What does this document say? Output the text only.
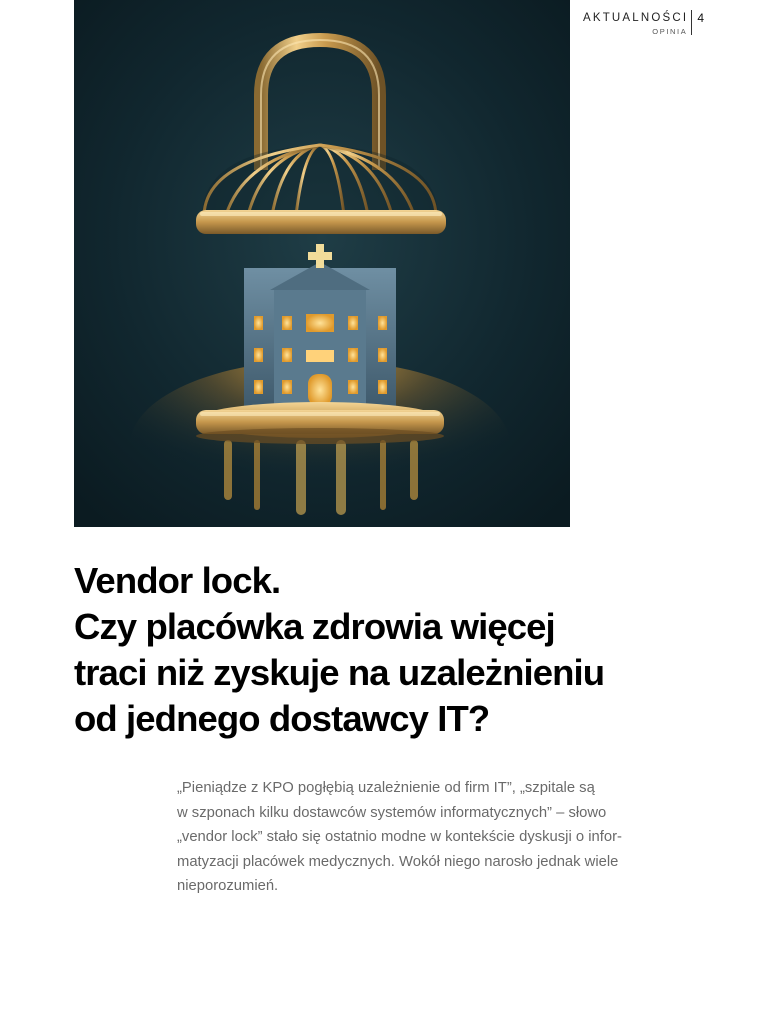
AKTUALNOŚCI
OPINIA
4
Vendor lock.
Czy placówka zdrowia więcej
traci niż zyskuje na uzależnieniu
od jednego dostawcy IT?
„Pieniądze z KPO pogłębią uzależnienie od firm IT”, „szpitale są
w szponach kilku dostawców systemów informatycznych” – słowo
„vendor lock” stało się ostatnio modne w kontekście dyskusji o infor-
matyzacji placówek medycznych. Wokół niego narosło jednak wiele
nieporozumień.
